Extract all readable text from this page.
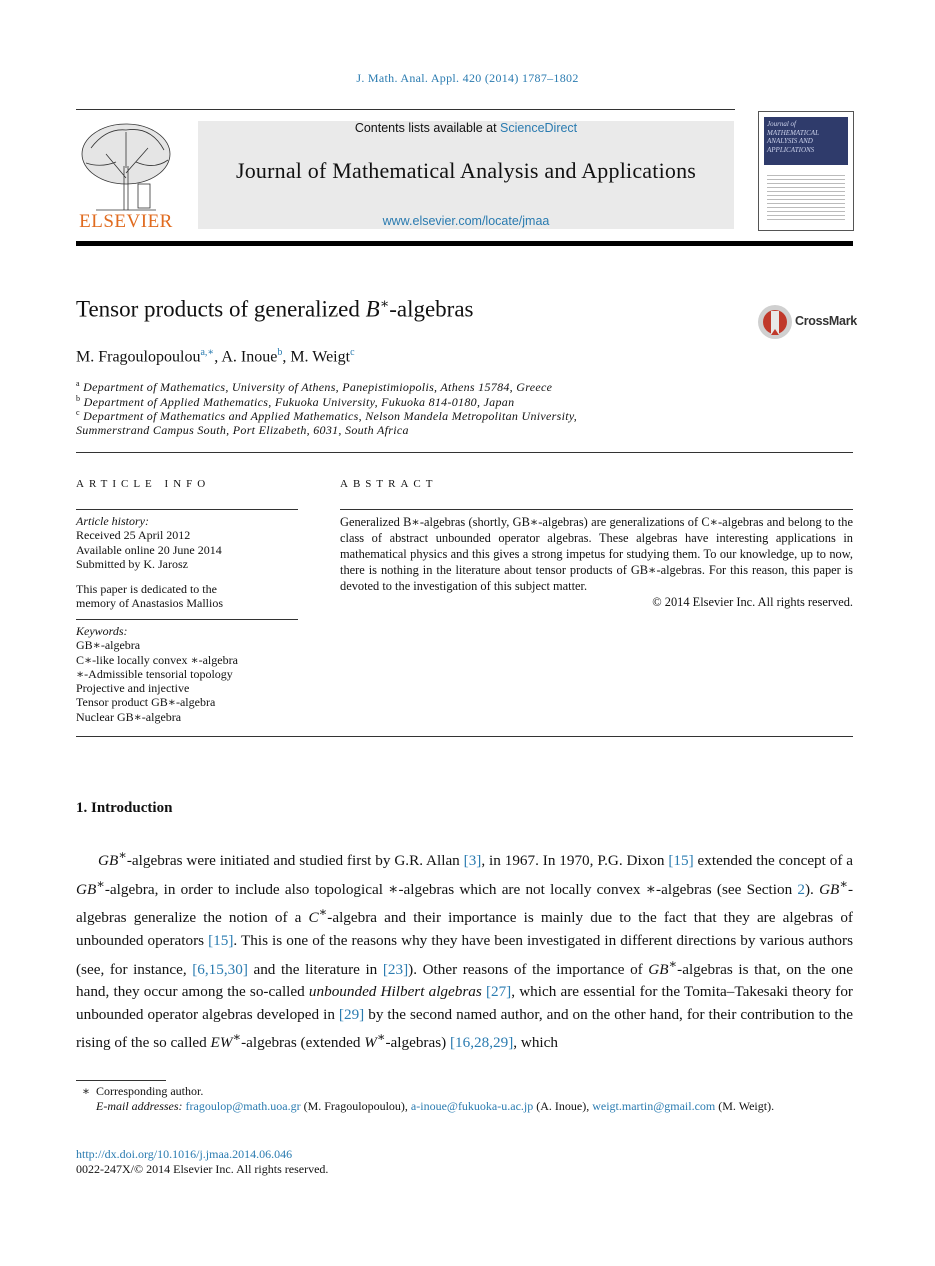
J. Math. Anal. Appl. 420 (2014) 1787–1802
ELSEVIER
Contents lists available at ScienceDirect
Journal of Mathematical Analysis and Applications
www.elsevier.com/locate/jmaa
Journal of MATHEMATICAL ANALYSIS AND APPLICATIONS
Tensor products of generalized B∗-algebras	CrossMark
M. Fragoulopoulou$^{a,∗}$, A. Inoue$^b$, M. Weigt$^c$
$^a$ Department of Mathematics, University of Athens, Panepistimiopolis, Athens 15784, Greece
$^b$ Department of Applied Mathematics, Fukuoka University, Fukuoka 814-0180, Japan
$^c$ Department of Mathematics and Applied Mathematics, Nelson Mandela Metropolitan University,
Summerstrand Campus South, Port Elizabeth, 6031, South Africa
ARTICLE INFO
Article history:
Received 25 April 2012
Available online 20 June 2014
Submitted by K. Jarosz
This paper is dedicated to the
memory of Anastasios Mallios
Keywords:
GB∗-algebra
C∗-like locally convex ∗-algebra
∗-Admissible tensorial topology
Projective and injective
Tensor product GB∗-algebra
Nuclear GB∗-algebra
ABSTRACT
Generalized B∗-algebras (shortly, GB∗-algebras) are generalizations of C∗-algebras and belong to the class of abstract unbounded operator algebras. These algebras have interesting applications in mathematical physics and this gives a strong impetus for studying them. To our knowledge, up to now, there is nothing in the literature about tensor products of GB∗-algebras. For this reason, this paper is devoted to the investigation of this subject matter.
© 2014 Elsevier Inc. All rights reserved.
1. Introduction
GB∗-algebras were initiated and studied first by G.R. Allan [3], in 1967. In 1970, P.G. Dixon [15] extended the concept of a GB∗-algebra, in order to include also topological ∗-algebras which are not locally convex ∗-algebras (see Section 2). GB∗-algebras generalize the notion of a C∗-algebra and their importance is mainly due to the fact that they are algebras of unbounded operators [15]. This is one of the reasons why they have been investigated in different directions by various authors (see, for instance, [6,15,30] and the literature in [23]). Other reasons of the importance of GB∗-algebras is that, on the one hand, they occur among the so-called unbounded Hilbert algebras [27], which are essential for the Tomita–Takesaki theory for unbounded operator algebras developed in [29] by the second named author, and on the other hand, for their contribution to the rising of the so called EW∗-algebras (extended W∗-algebras) [16,28,29], which
∗ Corresponding author.
E-mail addresses: fragoulop@math.uoa.gr (M. Fragoulopoulou), a-inoue@fukuoka-u.ac.jp (A. Inoue), weigt.martin@gmail.com (M. Weigt).
http://dx.doi.org/10.1016/j.jmaa.2014.06.046
0022-247X/© 2014 Elsevier Inc. All rights reserved.
